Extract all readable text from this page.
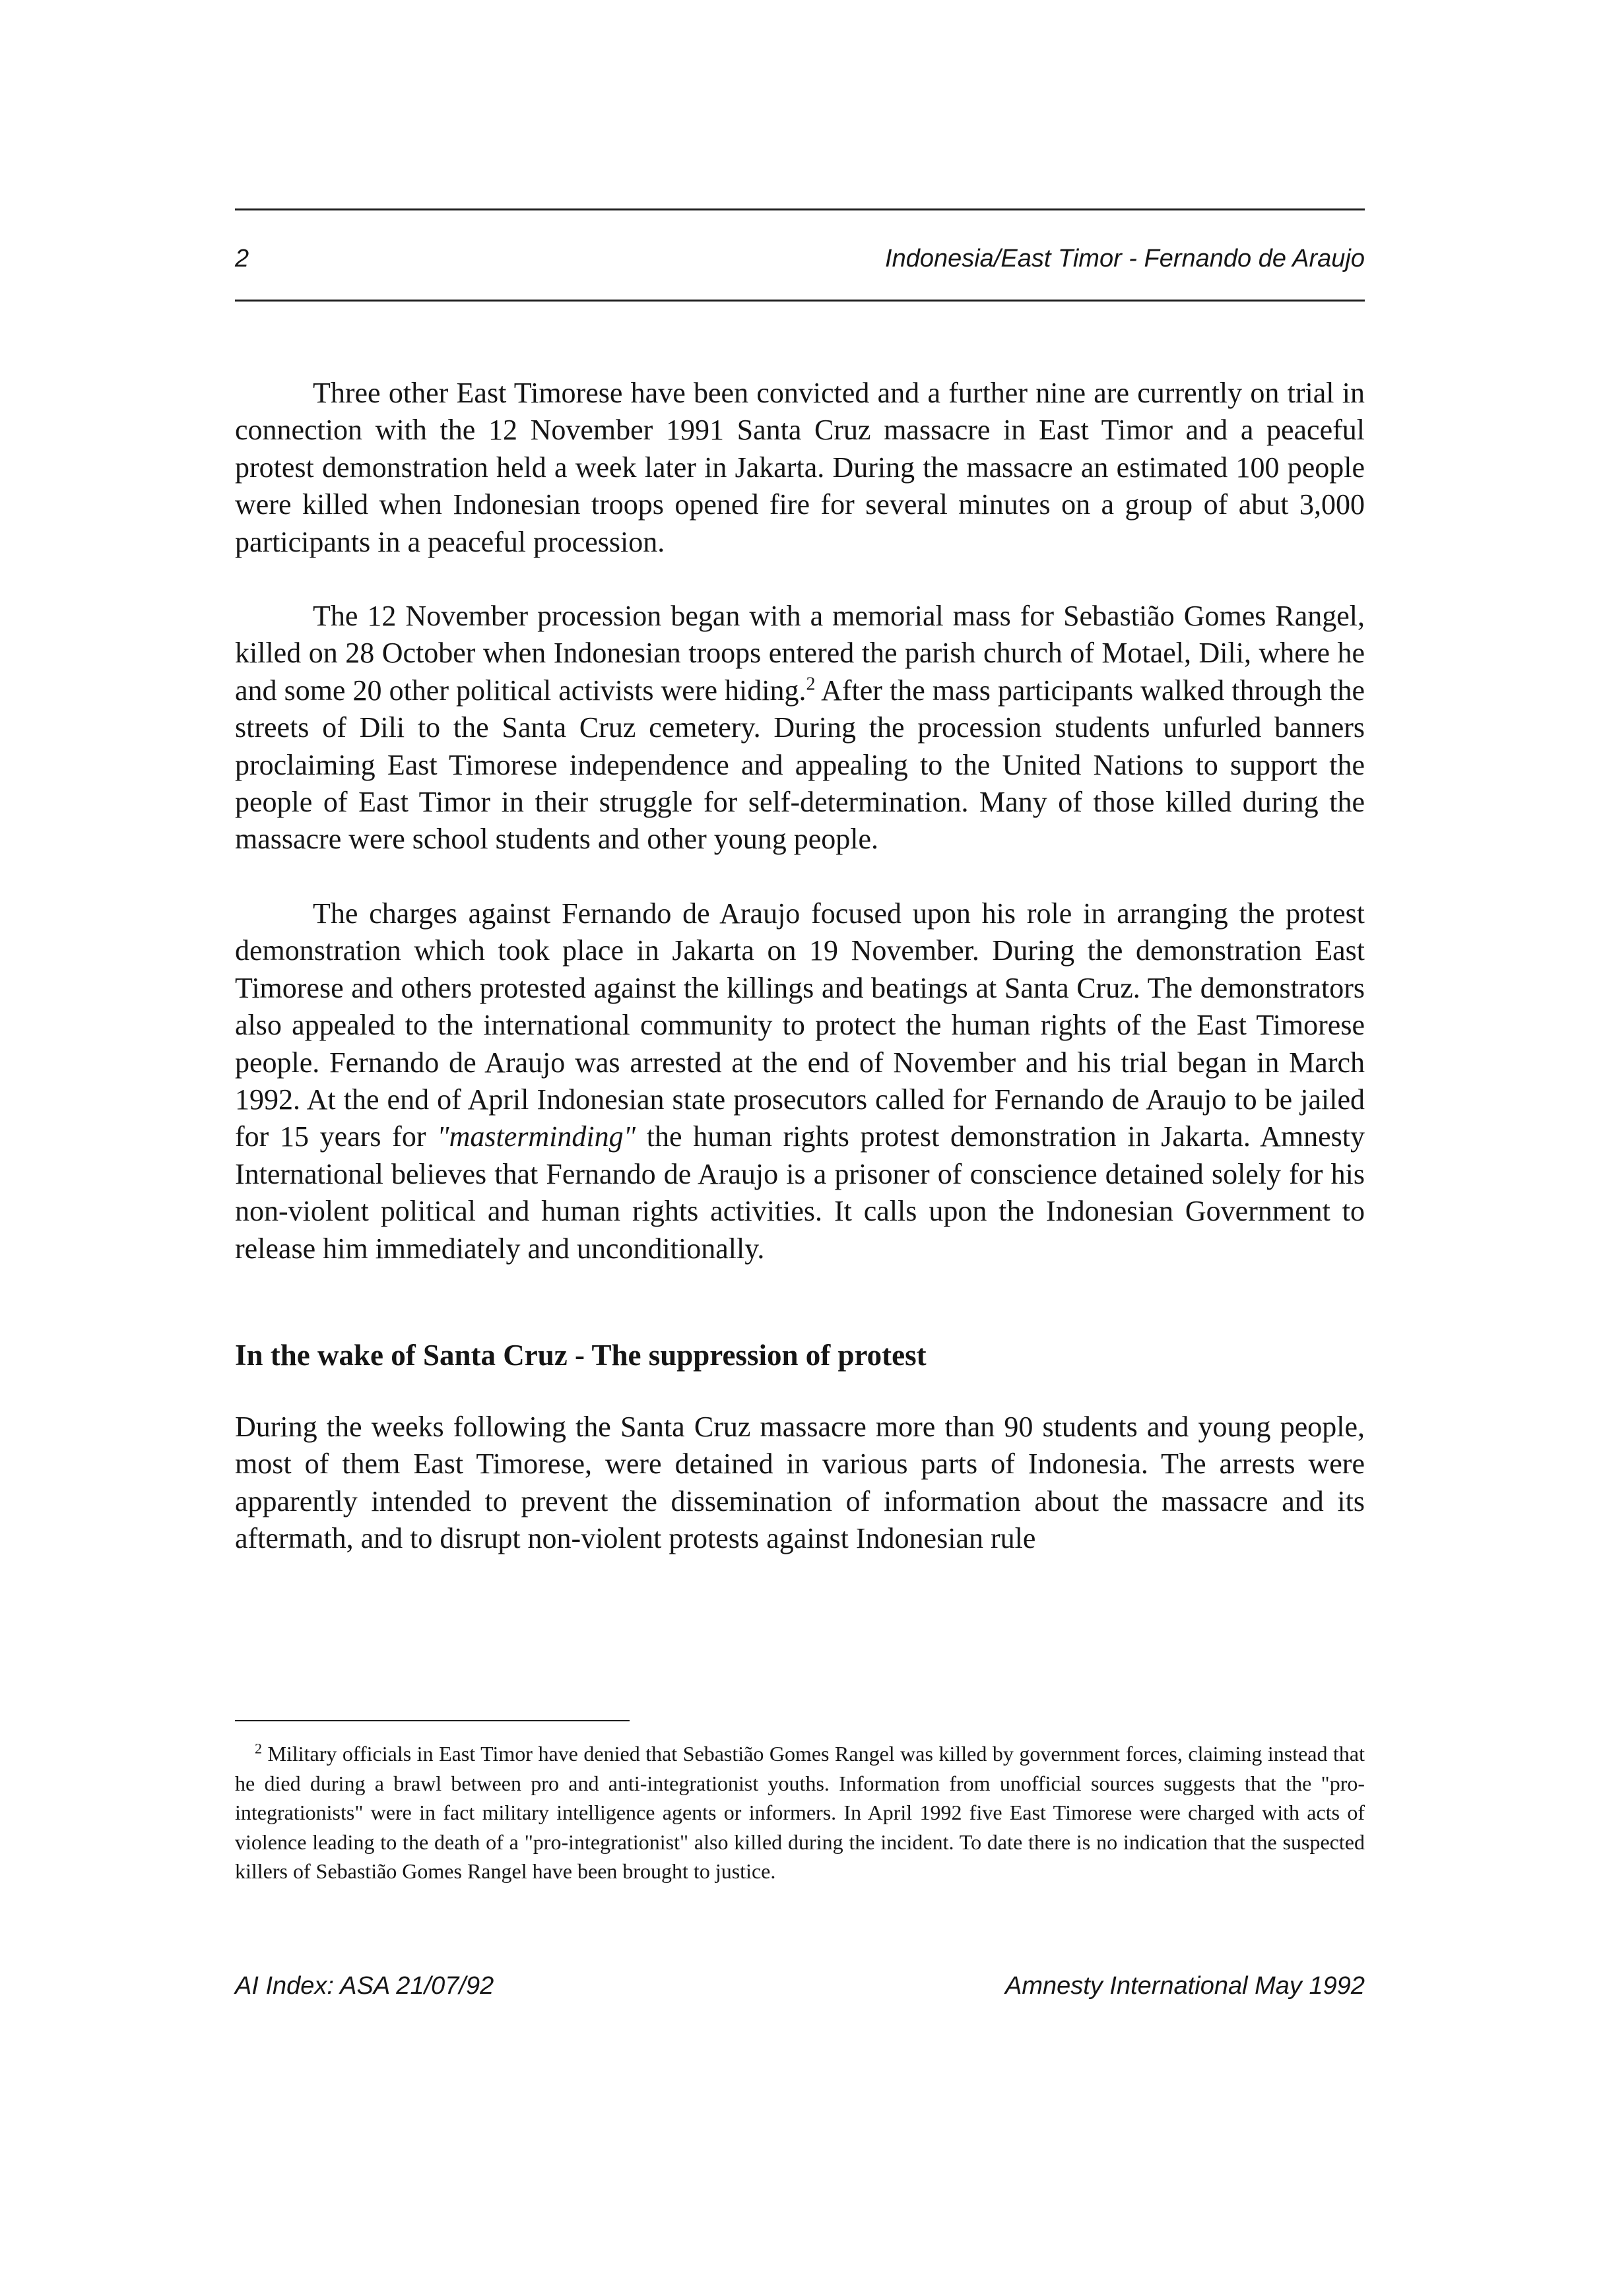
2	Indonesia/East Timor - Fernando de Araujo

Three other East Timorese have been convicted and a further nine are currently on trial in connection with the 12 November 1991 Santa Cruz massacre in East Timor and a peaceful protest demonstration held a week later in Jakarta. During the massacre an estimated 100 people were killed when Indonesian troops opened fire for several minutes on a group of abut 3,000 participants in a peaceful procession.

The 12 November procession began with a memorial mass for Sebastião Gomes Rangel, killed on 28 October when Indonesian troops entered the parish church of Motael, Dili, where he and some 20 other political activists were hiding.$^2$ After the mass participants walked through the streets of Dili to the Santa Cruz cemetery. During the procession students unfurled banners proclaiming East Timorese independence and appealing to the United Nations to support the people of East Timor in their struggle for self-determination. Many of those killed during the massacre were school students and other young people.

The charges against Fernando de Araujo focused upon his role in arranging the protest demonstration which took place in Jakarta on 19 November. During the demonstration East Timorese and others protested against the killings and beatings at Santa Cruz. The demonstrators also appealed to the international community to protect the human rights of the East Timorese people. Fernando de Araujo was arrested at the end of November and his trial began in March 1992. At the end of April Indonesian state prosecutors called for Fernando de Araujo to be jailed for 15 years for "masterminding" the human rights protest demonstration in Jakarta. Amnesty International believes that Fernando de Araujo is a prisoner of conscience detained solely for his non-violent political and human rights activities. It calls upon the Indonesian Government to release him immediately and unconditionally.

In the wake of Santa Cruz - The suppression of protest

During the weeks following the Santa Cruz massacre more than 90 students and young people, most of them East Timorese, were detained in various parts of Indonesia. The arrests were apparently intended to prevent the dissemination of information about the massacre and its aftermath, and to disrupt non-violent protests against Indonesian rule

$^2$ Military officials in East Timor have denied that Sebastião Gomes Rangel was killed by government forces, claiming instead that he died during a brawl between pro and anti-integrationist youths. Information from unofficial sources suggests that the "pro-integrationists" were in fact military intelligence agents or informers. In April 1992 five East Timorese were charged with acts of violence leading to the death of a "pro-integrationist" also killed during the incident. To date there is no indication that the suspected killers of Sebastião Gomes Rangel have been brought to justice.
AI Index: ASA 21/07/92	Amnesty International May 1992
